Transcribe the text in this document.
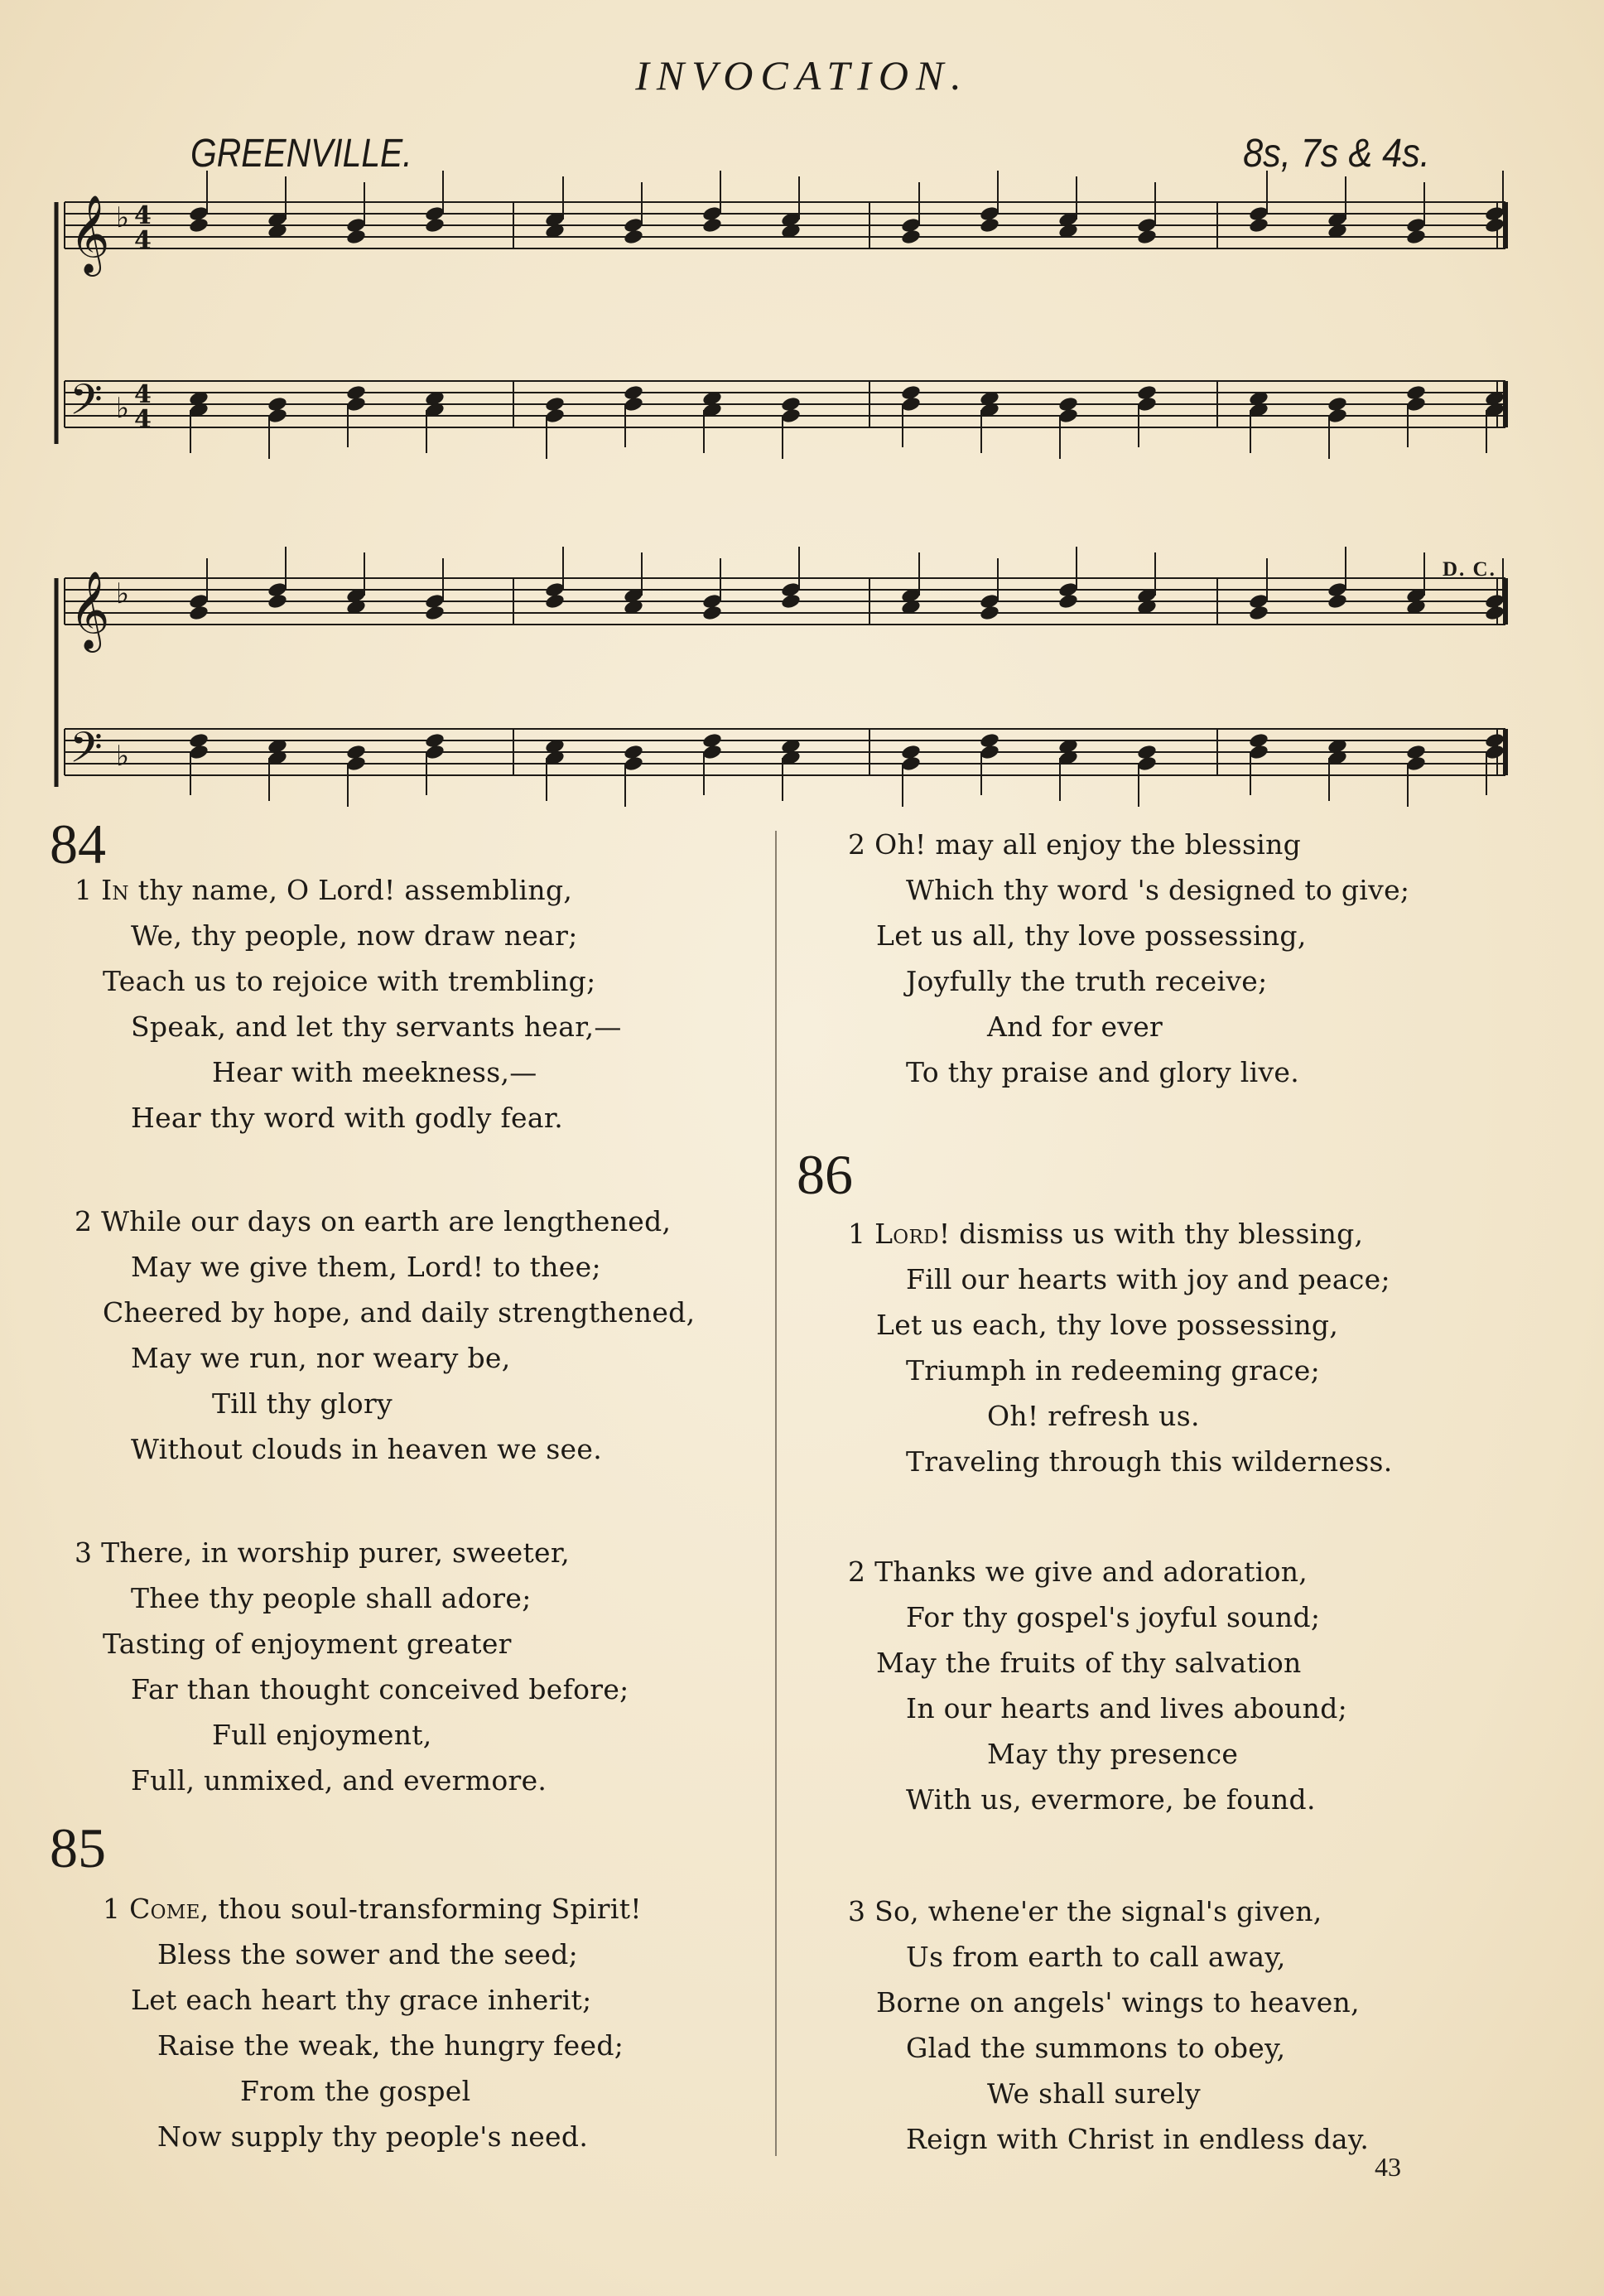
INVOCATION.
GREENVILLE.	8s, 7s & 4s.
𝄞 ♭ 4
4
𝄢 ♭ 4
4
𝄞 ♭
𝄢 ♭
D. C.
84
1 In thy name, O Lord! assembling,
We, thy people, now draw near;
Teach us to rejoice with trembling;
Speak, and let thy servants hear,—
Hear with meekness,—
Hear thy word with godly fear.
2 While our days on earth are lengthened,
May we give them, Lord! to thee;
Cheered by hope, and daily strengthened,
May we run, nor weary be,
Till thy glory
Without clouds in heaven we see.
3 There, in worship purer, sweeter,
Thee thy people shall adore;
Tasting of enjoyment greater
Far than thought conceived before;
Full enjoyment,
Full, unmixed, and evermore.
85
1 Come, thou soul-transforming Spirit!
Bless the sower and the seed;
Let each heart thy grace inherit;
Raise the weak, the hungry feed;
From the gospel
Now supply thy people's need.
2 Oh! may all enjoy the blessing
Which thy word 's designed to give;
Let us all, thy love possessing,
Joyfully the truth receive;
And for ever
To thy praise and glory live.
86
1 Lord! dismiss us with thy blessing,
Fill our hearts with joy and peace;
Let us each, thy love possessing,
Triumph in redeeming grace;
Oh! refresh us.
Traveling through this wilderness.
2 Thanks we give and adoration,
For thy gospel's joyful sound;
May the fruits of thy salvation
In our hearts and lives abound;
May thy presence
With us, evermore, be found.
3 So, whene'er the signal's given,
Us from earth to call away,
Borne on angels' wings to heaven,
Glad the summons to obey,
We shall surely
Reign with Christ in endless day.
43
